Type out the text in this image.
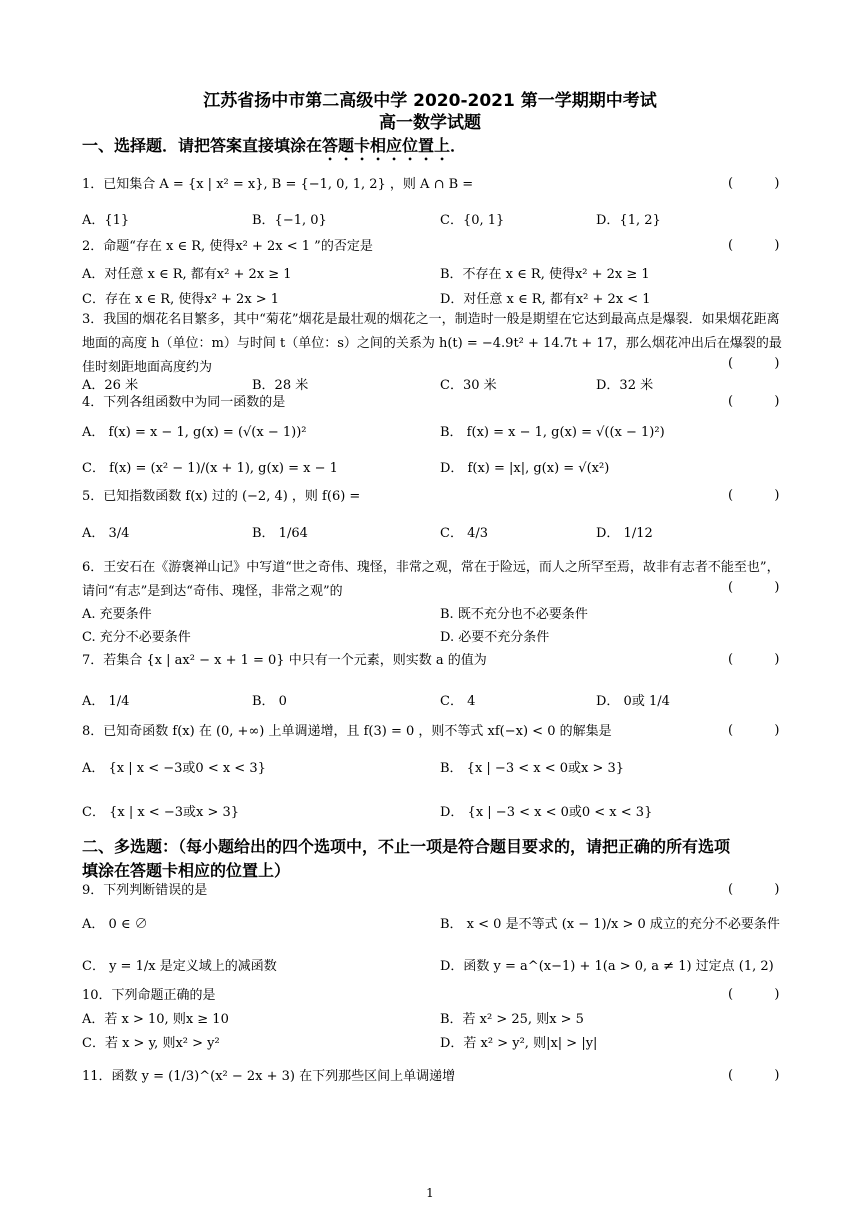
江苏省扬中市第二高级中学 2020-2021 第一学期期中考试
高一数学试题
一、选择题．请把答案直接填涂在答题卡相应位置上．
1．已知集合 A = {x | x² = x}, B = {−1, 0, 1, 2} ，则 A ∩ B =	(          )
A．{1}	B．{−1, 0}	C．{0, 1}	D．{1, 2}
2．命题“存在 x ∈ R, 使得x² + 2x < 1 ”的否定是	(          )
A．对任意 x ∈ R, 都有x² + 2x ≥ 1	B．不存在 x ∈ R, 使得x² + 2x ≥ 1
C．存在 x ∈ R, 使得x² + 2x > 1	D．对任意 x ∈ R, 都有x² + 2x < 1
3．我国的烟花名目繁多，其中“菊花”烟花是最壮观的烟花之一，制造时一般是期望在它达到最高点是爆裂．如果烟花距离地面的高度 h（单位：m）与时间 t（单位：s）之间的关系为 h(t) = −4.9t² + 14.7t + 17，那么烟花冲出后在爆裂的最佳时刻距地面高度约为	(          )
A．26 米	B．28 米	C．30 米	D．32 米
4．下列各组函数中为同一函数的是	(          )
A． f(x) = x − 1, g(x) = (√(x − 1))²	B． f(x) = x − 1, g(x) = √((x − 1)²)
C． f(x) = (x² − 1)/(x + 1), g(x) = x − 1	D． f(x) = |x|, g(x) = √(x²)
5．已知指数函数 f(x) 过的 (−2, 4) ，则 f(6) =	(          )
A． 3/4	B． 1/64	C． 4/3	D． 1/12
6．王安石在《游褒禅山记》中写道“世之奇伟、瑰怪，非常之观，常在于险远，而人之所罕至焉，故非有志者不能至也”，请问“有志”是到达“奇伟、瑰怪，非常之观”的	(          )
A. 充要条件	B. 既不充分也不必要条件
C. 充分不必要条件	D. 必要不充分条件
7．若集合 {x | ax² − x + 1 = 0} 中只有一个元素，则实数 a 的值为	(          )
A． 1/4	B． 0	C． 4	D． 0或 1/4
8．已知奇函数 f(x) 在 (0, +∞) 上单调递增，且 f(3) = 0 ，则不等式 xf(−x) < 0 的解集是	(          )
A． {x | x < −3或0 < x < 3}	B． {x | −3 < x < 0或x > 3}
C． {x | x < −3或x > 3}	D． {x | −3 < x < 0或0 < x < 3}
二、多选题：（每小题给出的四个选项中，不止一项是符合题目要求的，请把正确的所有选项
填涂在答题卡相应的位置上）
9．下列判断错误的是	(          )
A． 0 ∈ ∅	B． x < 0 是不等式 (x − 1)/x > 0 成立的充分不必要条件
C． y = 1/x 是定义域上的减函数	D．函数 y = a^(x−1) + 1(a > 0, a ≠ 1) 过定点 (1, 2)
10．下列命题正确的是	(          )
A．若 x > 10, 则x ≥ 10	B．若 x² > 25, 则x > 5
C．若 x > y, 则x² > y²	D．若 x² > y², 则|x| > |y|
11．函数 y = (1/3)^(x² − 2x + 3) 在下列那些区间上单调递增	(          )
1
